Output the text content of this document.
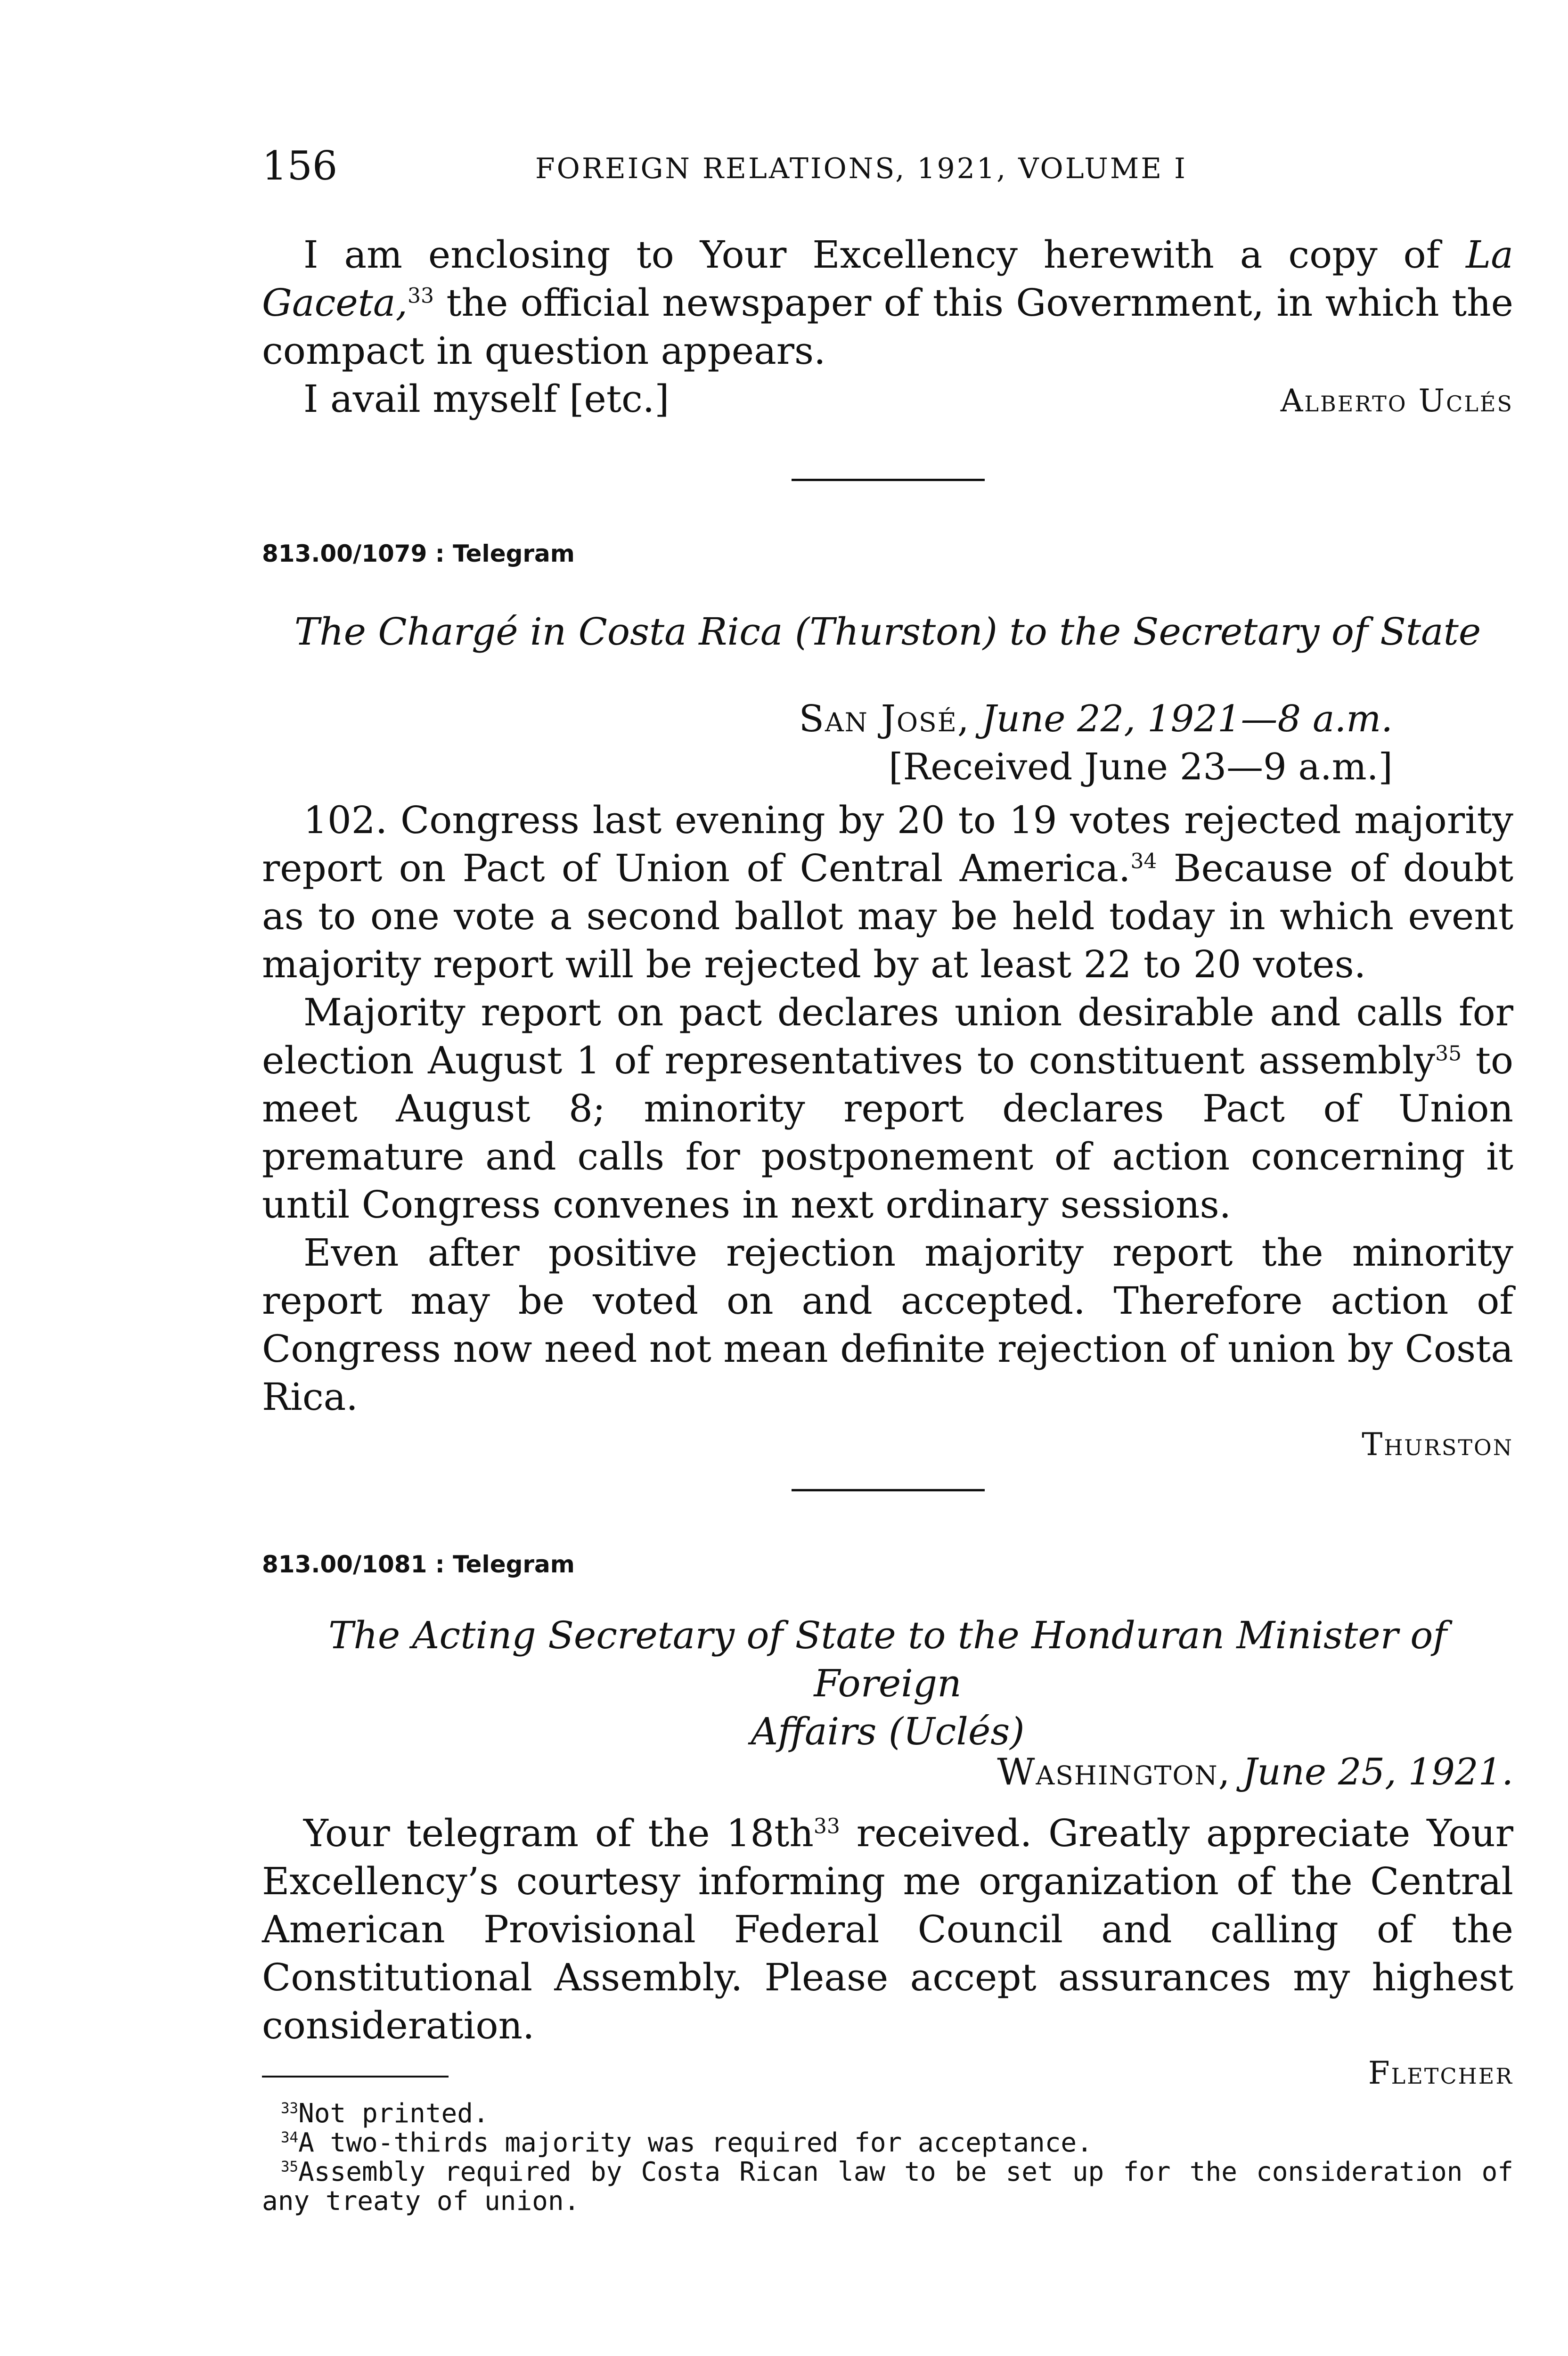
156	FOREIGN RELATIONS, 1921, VOLUME I

I am enclosing to Your Excellency herewith a copy of La Gaceta,$^{33}$ the official newspaper of this Government, in which the compact in question appears.

I avail myself [etc.]	Alberto Uclés

813.00/1079 : Telegram

The Chargé in Costa Rica (Thurston) to the Secretary of State

San José, June 22, 1921—8 a.m.

[Received June 23—9 a.m.]

102. Congress last evening by 20 to 19 votes rejected majority report on Pact of Union of Central America.$^{34}$ Because of doubt as to one vote a second ballot may be held today in which event majority report will be rejected by at least 22 to 20 votes.

Majority report on pact declares union desirable and calls for election August 1 of representatives to constituent assembly$^{35}$ to meet August 8; minority report declares Pact of Union premature and calls for postponement of action concerning it until Congress convenes in next ordinary sessions.

Even after positive rejection majority report the minority report may be voted on and accepted. Therefore action of Congress now need not mean definite rejection of union by Costa Rica.

Thurston

813.00/1081 : Telegram

The Acting Secretary of State to the Honduran Minister of Foreign

Affairs (Uclés)

Washington, June 25, 1921.

Your telegram of the $18th^{33}$ received. Greatly appreciate Your Excellency’s courtesy informing me organization of the Central American Provisional Federal Council and calling of the Constitutional Assembly. Please accept assurances my highest consideration.

Fletcher

$^{33}$Not printed.

$^{34}$A two-thirds majority was required for acceptance.

$^{35}$Assembly required by Costa Rican law to be set up for the consideration of any treaty of union.
